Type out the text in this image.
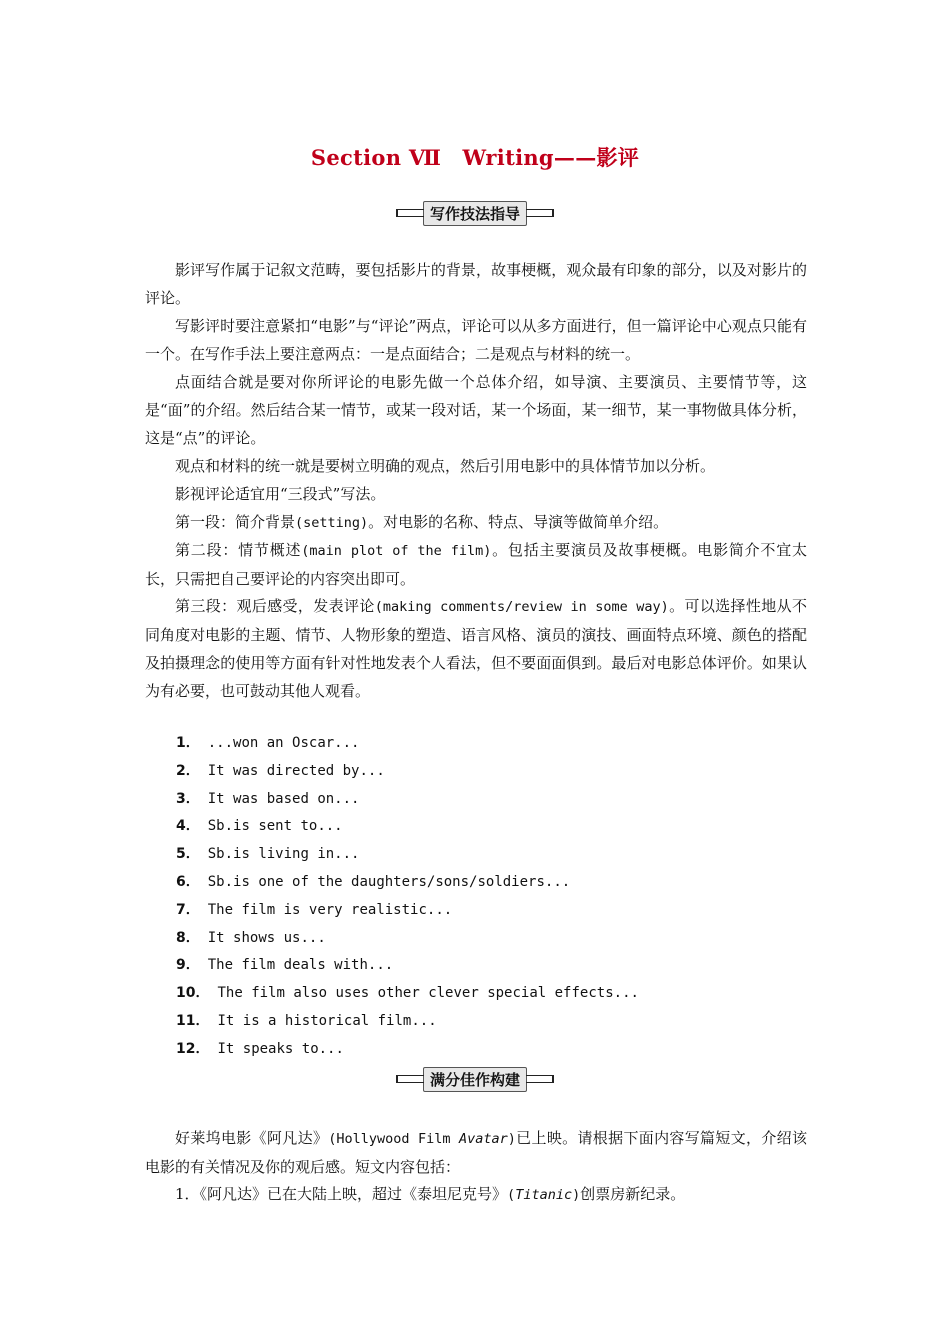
Section Ⅶ　Writing——影评
写作技法指导
影评写作属于记叙文范畴，要包括影片的背景，故事梗概，观众最有印象的部分，以及对影片的评论。
写影评时要注意紧扣“电影”与“评论”两点，评论可以从多方面进行，但一篇评论中心观点只能有一个。在写作手法上要注意两点：一是点面结合；二是观点与材料的统一。
点面结合就是要对你所评论的电影先做一个总体介绍，如导演、主要演员、主要情节等，这是“面”的介绍。然后结合某一情节，或某一段对话，某一个场面，某一细节，某一事物做具体分析，这是“点”的评论。
观点和材料的统一就是要树立明确的观点，然后引用电影中的具体情节加以分析。
影视评论适宜用“三段式”写法。
第一段：简介背景(setting)。对电影的名称、特点、导演等做简单介绍。
第二段：情节概述(main plot of the film)。包括主要演员及故事梗概。电影简介不宜太长，只需把自己要评论的内容突出即可。
第三段：观后感受，发表评论(making comments/review in some way)。可以选择性地从不同角度对电影的主题、情节、人物形象的塑造、语言风格、演员的演技、画面特点环境、颜色的搭配及拍摄理念的使用等方面有针对性地发表个人看法，但不要面面俱到。最后对电影总体评价。如果认为有必要，也可鼓动其他人观看。
1． ...won an Oscar...
2． It was directed by...
3． It was based on...
4． Sb.is sent to...
5． Sb.is living in...
6． Sb.is one of the daughters/sons/soldiers...
7． The film is very realistic...
8． It shows us...
9． The film deals with...
10． The film also uses other clever special effects...
11． It is a historical film...
12． It speaks to...
满分佳作构建
好莱坞电影《阿凡达》(Hollywood Film Avatar)已上映。请根据下面内容写篇短文，介绍该电影的有关情况及你的观后感。短文内容包括：
1．《阿凡达》已在大陆上映，超过《泰坦尼克号》(Titanic)创票房新纪录。
